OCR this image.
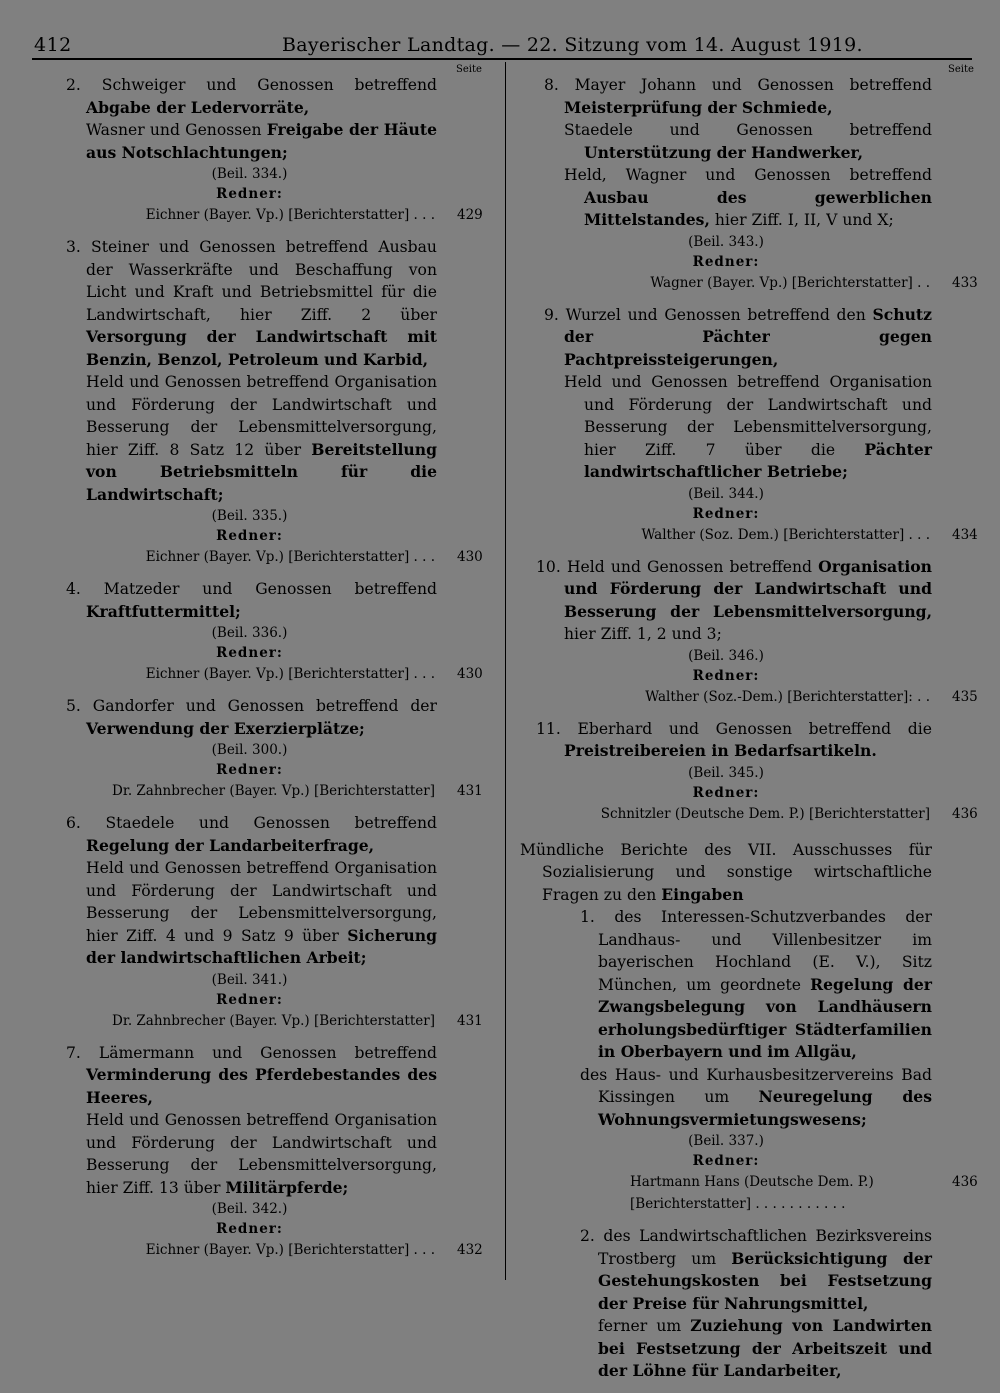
412	Bayerischer Landtag. — 22. Sitzung vom 14. August 1919.
Seite	Seite
2. Schweiger und Genossen betreffend Abgabe der Ledervorräte,
Wasner und Genossen Freigabe der Häute aus Notschlachtungen;
(Beil. 334.)
Redner:
Eichner (Bayer. Vp.) [Berichterstatter] . . . 429
3. Steiner und Genossen betreffend Ausbau der Wasserkräfte und Beschaffung von Licht und Kraft und Betriebsmittel für die Landwirtschaft, hier Ziff. 2 über Versorgung der Landwirtschaft mit Benzin, Benzol, Petroleum und Karbid,
Held und Genossen betreffend Organisation und Förderung der Landwirtschaft und Besserung der Lebensmittelversorgung, hier Ziff. 8 Satz 12 über Bereitstellung von Betriebsmitteln für die Landwirtschaft;
(Beil. 335.)
Redner:
Eichner (Bayer. Vp.) [Berichterstatter] . . . 430
4. Matzeder und Genossen betreffend Kraftfuttermittel;
(Beil. 336.)
Redner:
Eichner (Bayer. Vp.) [Berichterstatter] . . . 430
5. Gandorfer und Genossen betreffend der Verwendung der Exerzierplätze;
(Beil. 300.)
Redner:
Dr. Zahnbrecher (Bayer. Vp.) [Berichterstatter] 431
6. Staedele und Genossen betreffend Regelung der Landarbeiterfrage,
Held und Genossen betreffend Organisation und Förderung der Landwirtschaft und Besserung der Lebensmittelversorgung, hier Ziff. 4 und 9 Satz 9 über Sicherung der landwirtschaftlichen Arbeit;
(Beil. 341.)
Redner:
Dr. Zahnbrecher (Bayer. Vp.) [Berichterstatter] 431
7. Lämermann und Genossen betreffend Verminderung des Pferdebestandes des Heeres,
Held und Genossen betreffend Organisation und Förderung der Landwirtschaft und Besserung der Lebensmittelversorgung, hier Ziff. 13 über Militärpferde;
(Beil. 342.)
Redner:
Eichner (Bayer. Vp.) [Berichterstatter] . . . 432
8. Mayer Johann und Genossen betreffend Meisterprüfung der Schmiede,
Staedele und Genossen betreffend Unterstützung der Handwerker,
Held, Wagner und Genossen betreffend Ausbau des gewerblichen Mittelstandes, hier Ziff. I, II, V und X;
(Beil. 343.)
Redner:
Wagner (Bayer. Vp.) [Berichterstatter] . . 433
9. Wurzel und Genossen betreffend den Schutz der Pächter gegen Pachtpreissteigerungen,
Held und Genossen betreffend Organisation und Förderung der Landwirtschaft und Besserung der Lebensmittelversorgung, hier Ziff. 7 über die Pächter landwirtschaftlicher Betriebe;
(Beil. 344.)
Redner:
Walther (Soz. Dem.) [Berichterstatter] . . . 434
10. Held und Genossen betreffend Organisation und Förderung der Landwirtschaft und Besserung der Lebensmittelversorgung, hier Ziff. 1, 2 und 3;
(Beil. 346.)
Redner:
Walther (Soz.-Dem.) [Berichterstatter]: . . 435
11. Eberhard und Genossen betreffend die Preistreibereien in Bedarfsartikeln.
(Beil. 345.)
Redner:
Schnitzler (Deutsche Dem. P.) [Berichterstatter] 436
Mündliche Berichte des VII. Ausschusses für Sozialisierung und sonstige wirtschaftliche Fragen zu den Eingaben
1. des Interessen-Schutzverbandes der Landhaus- und Villenbesitzer im bayerischen Hochland (E. V.), Sitz München, um geordnete Regelung der Zwangsbelegung von Landhäusern erholungsbedürftiger Städterfamilien in Oberbayern und im Allgäu,
des Haus- und Kurhausbesitzervereins Bad Kissingen um Neuregelung des Wohnungsvermietungswesens;
(Beil. 337.)
Redner:
Hartmann Hans (Deutsche Dem. P.) [Berichterstatter] . . . . . . . . . . .
436
2. des Landwirtschaftlichen Bezirksvereins Trostberg um Berücksichtigung der Gestehungskosten bei Festsetzung der Preise für Nahrungsmittel,
ferner um Zuziehung von Landwirten bei Festsetzung der Arbeitszeit und der Löhne für Landarbeiter,
